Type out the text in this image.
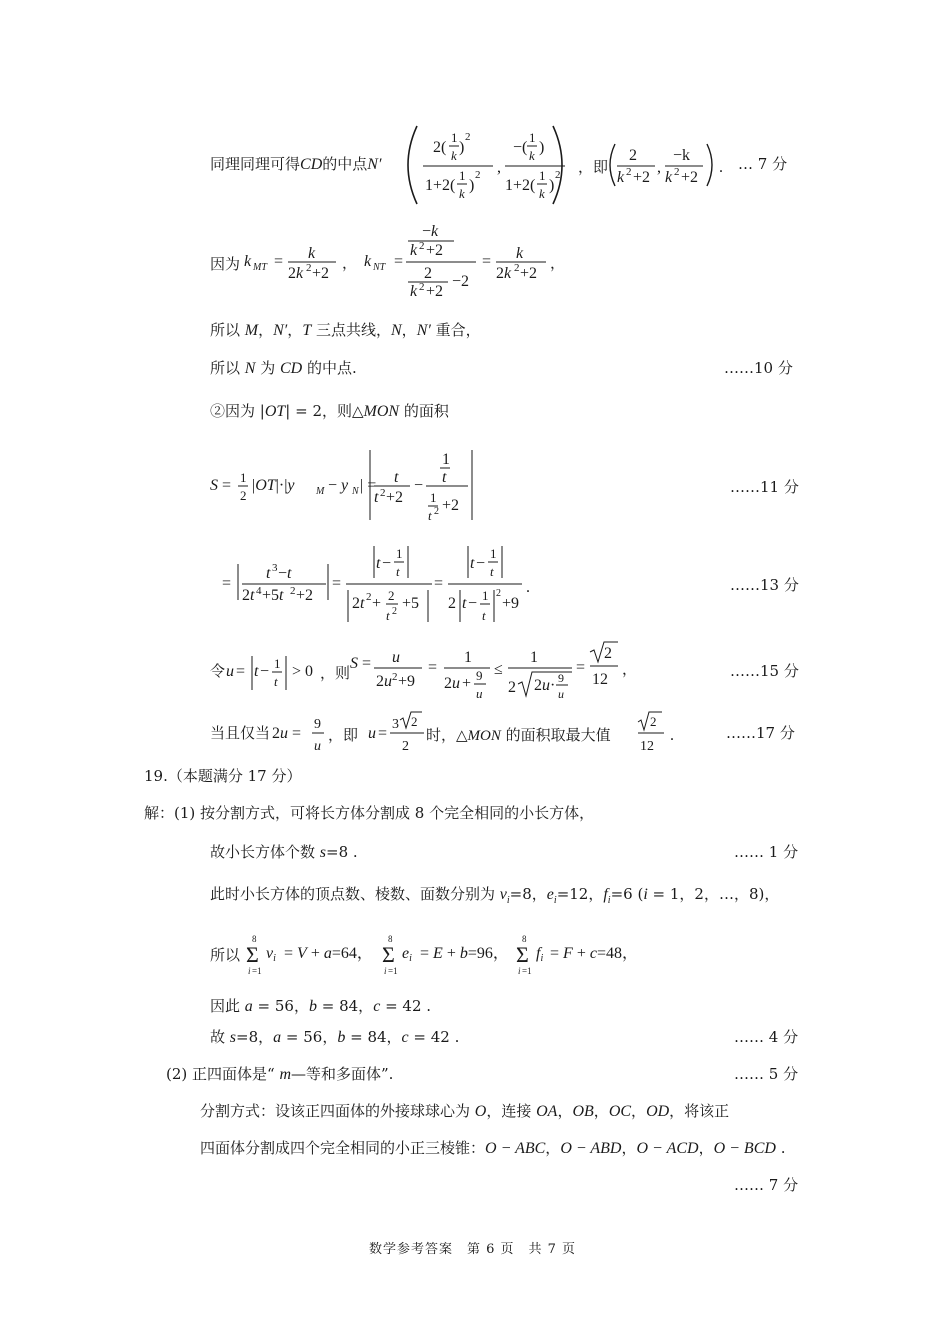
同理同理可得CD的中点N′
2(
1
k )
2
1+2(
1
k )
2 ,
−(
1
k )
1+2(
1
k )
2 ，即
2
k 2 +2
,
−k
k 2 +2
. … 7 分
因为 k MT = k
2k 2 +2
， k NT =
−k
k 2 +2
2
k 2 +2
−2
= k
2k 2 +2
，
所以 M，N′，T 三点共线，N，N′ 重合，
所以 N 为 CD 的中点.	……10 分
②因为 |OT| = 2，则△MON 的面积
S = 1
2
|OT|·|y M − y N | = t
t 2 +2
−
1
t
1
t 2 +2
……11 分
=
t 3 −t
2t 4 +5t 2 +2
=
t −
1
t
2t 2 + 2
t 2 +5
=
t −
1
t
2 t − 1
t
2
+9
.	……13 分
令 u = t − 1
t
> 0 ，则
S = u
2u 2 +9
=
1
2u + 9
u
≤
1
2 2u· 9
u
=
2
12
，	……15 分
当且仅当 2u =
9
u
，即 u =
3 2
2
时，△MON 的面积取最大值
2
12
.	……17 分
19.（本题满分 17 分）
解：(1) 按分割方式，可将长方体分割成 8 个完全相同的小长方体，
故小长方体个数 s=8 .	…… 1 分
此时小长方体的顶点数、棱数、面数分别为 $v_i=8$，$e_i=12$，$f_i=6$ (i = 1，2，…，8)，
所以
8
Σ
i =1
vi = V + a=64，
8
Σ
i =1
ei = E + b=96，
8
Σ
i =1
fi = F + c=48，
因此 a = 56，b = 84，c = 42 .
故 s=8，a = 56，b = 84，c = 42 .	…… 4 分
(2) 正四面体是“ m—等和多面体”.	…… 5 分
分割方式：设该正四面体的外接球球心为 O，连接 OA，OB，OC，OD，将该正
四面体分割成四个完全相同的小正三棱锥：O − ABC，O − ABD，O − ACD，O − BCD .
…… 7 分
数学参考答案　第 6 页　共 7 页
